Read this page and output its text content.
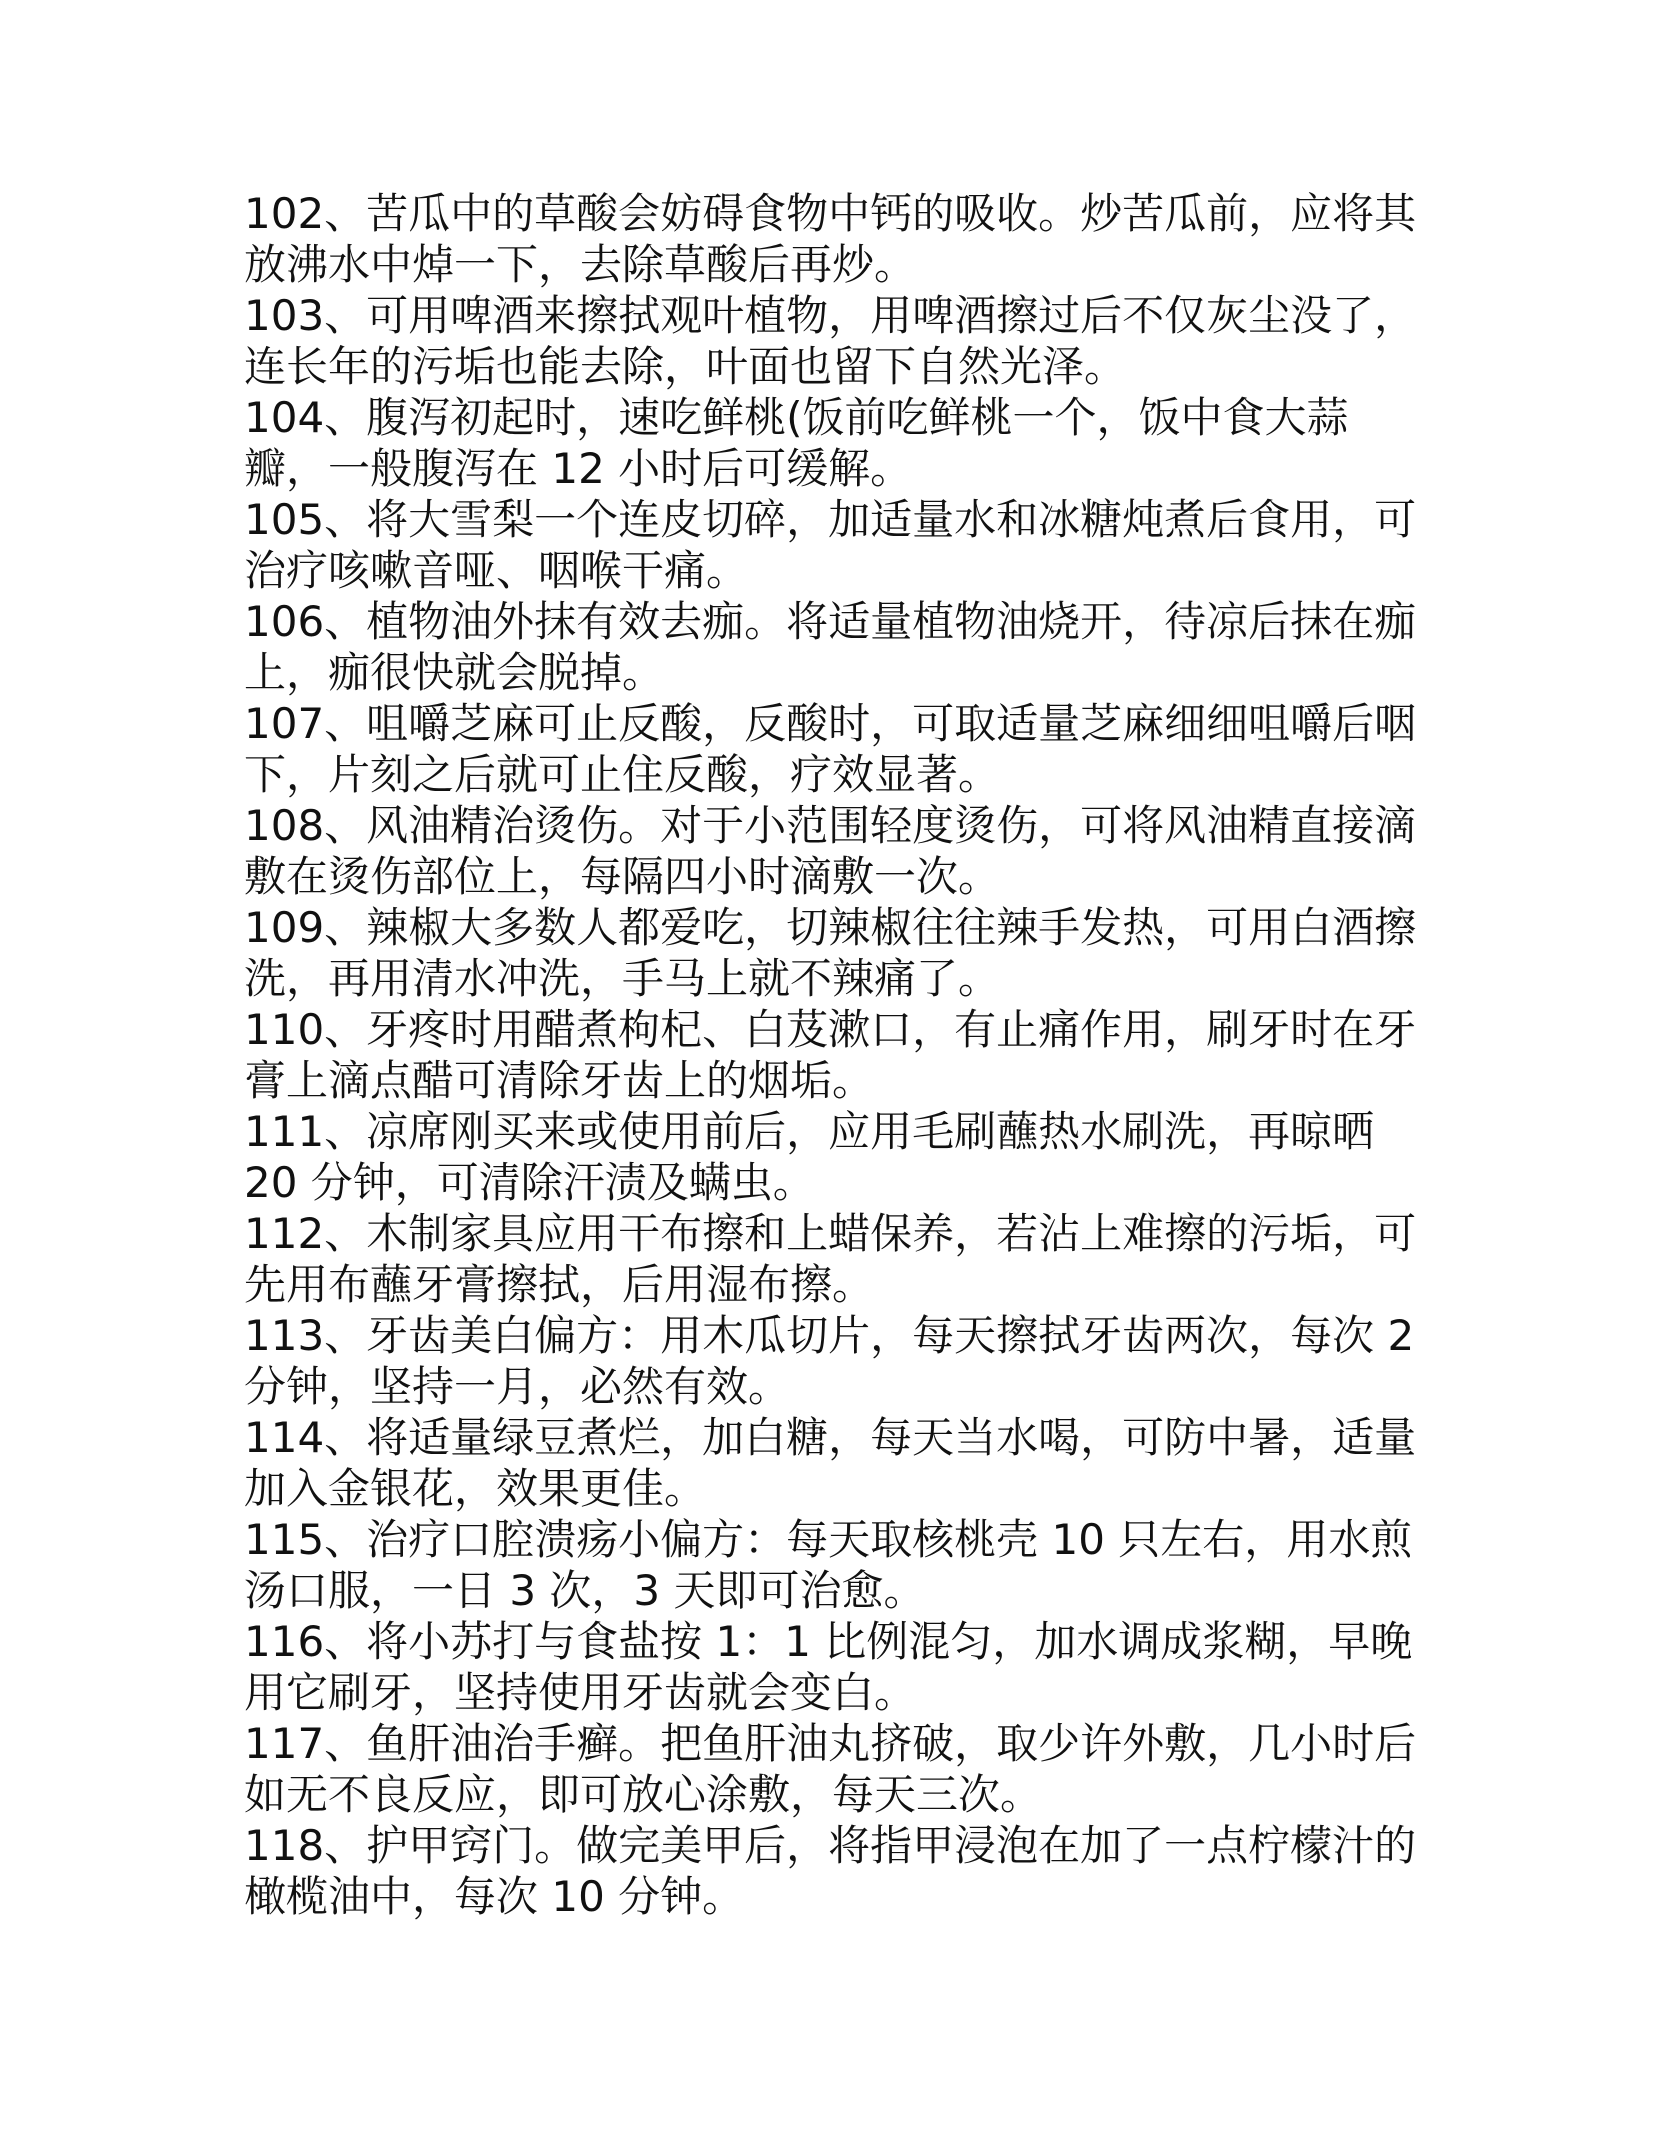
102、苦瓜中的草酸会妨碍食物中钙的吸收。炒苦瓜前，应将其
放沸水中焯一下，去除草酸后再炒。
103、可用啤酒来擦拭观叶植物，用啤酒擦过后不仅灰尘没了，
连长年的污垢也能去除，叶面也留下自然光泽。
104、腹泻初起时，速吃鲜桃(饭前吃鲜桃一个，饭中食大蒜
瓣，一般腹泻在 12 小时后可缓解。
105、将大雪梨一个连皮切碎，加适量水和冰糖炖煮后食用，可
治疗咳嗽音哑、咽喉干痛。
106、植物油外抹有效去痂。将适量植物油烧开，待凉后抹在痂
上，痂很快就会脱掉。
107、咀嚼芝麻可止反酸，反酸时，可取适量芝麻细细咀嚼后咽
下，片刻之后就可止住反酸，疗效显著。
108、风油精治烫伤。对于小范围轻度烫伤，可将风油精直接滴
敷在烫伤部位上，每隔四小时滴敷一次。
109、辣椒大多数人都爱吃，切辣椒往往辣手发热，可用白酒擦
洗，再用清水冲洗，手马上就不辣痛了。
110、牙疼时用醋煮枸杞、白芨漱口，有止痛作用，刷牙时在牙
膏上滴点醋可清除牙齿上的烟垢。
111、凉席刚买来或使用前后，应用毛刷蘸热水刷洗，再晾晒
20 分钟，可清除汗渍及螨虫。
112、木制家具应用干布擦和上蜡保养，若沾上难擦的污垢，可
先用布蘸牙膏擦拭，后用湿布擦。
113、牙齿美白偏方：用木瓜切片，每天擦拭牙齿两次，每次 2
分钟，坚持一月，必然有效。
114、将适量绿豆煮烂，加白糖，每天当水喝，可防中暑，适量
加入金银花，效果更佳。
115、治疗口腔溃疡小偏方：每天取核桃壳 10 只左右，用水煎
汤口服，一日 3 次，3 天即可治愈。
116、将小苏打与食盐按 1：1 比例混匀，加水调成浆糊，早晚
用它刷牙，坚持使用牙齿就会变白。
117、鱼肝油治手癣。把鱼肝油丸挤破，取少许外敷，几小时后
如无不良反应，即可放心涂敷，每天三次。
118、护甲窍门。做完美甲后，将指甲浸泡在加了一点柠檬汁的
橄榄油中，每次 10 分钟。
